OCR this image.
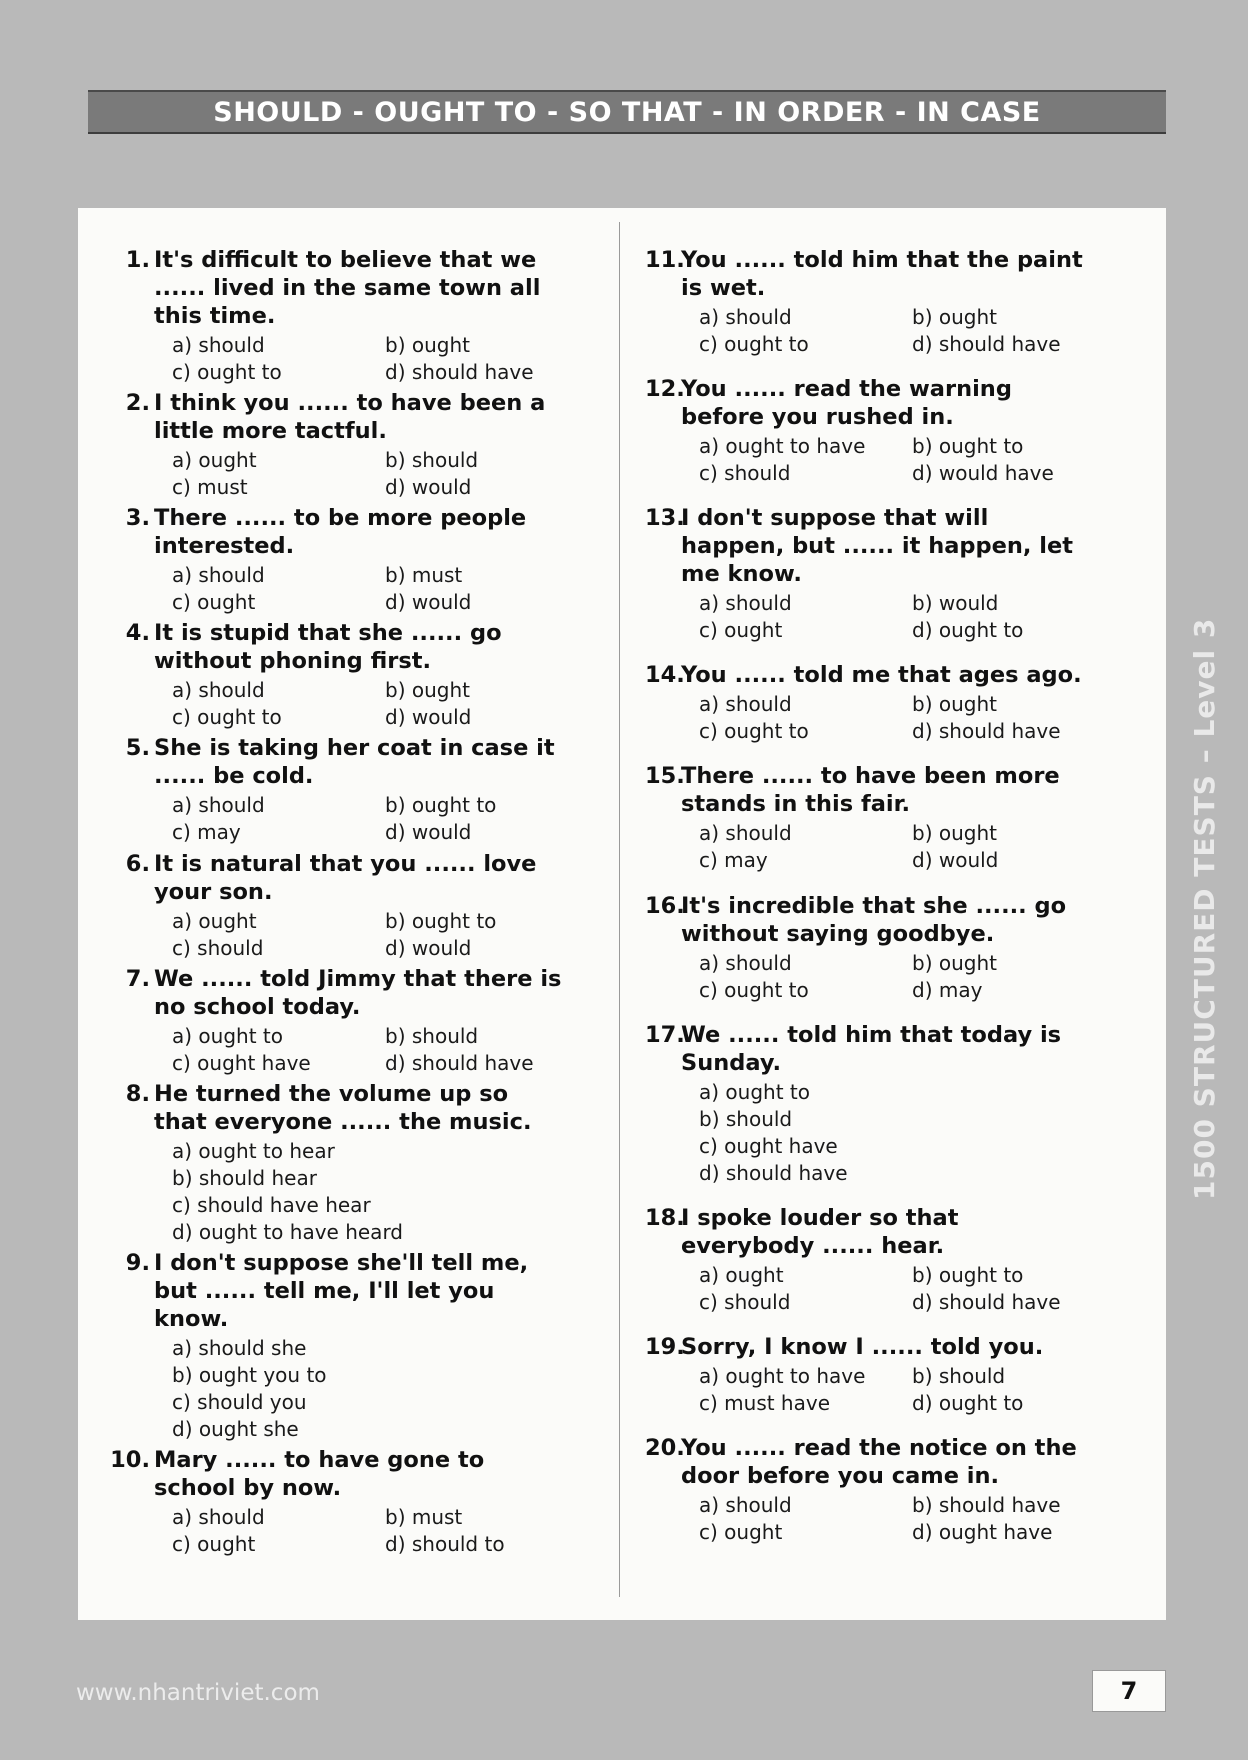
SHOULD - OUGHT TO - SO THAT - IN ORDER - IN CASE
1. It's difficult to believe that we ...... lived in the same town all this time.
a) should	b) ought
c) ought to	d) should have
2. I think you ...... to have been a little more tactful.
a) ought	b) should
c) must	d) would
3. There ...... to be more people interested.
a) should	b) must
c) ought	d) would
4. It is stupid that she ...... go without phoning first.
a) should	b) ought
c) ought to	d) would
5. She is taking her coat in case it ...... be cold.
a) should	b) ought to
c) may	d) would
6. It is natural that you ...... love your son.
a) ought	b) ought to
c) should	d) would
7. We ...... told Jimmy that there is no school today.
a) ought to	b) should
c) ought have	d) should have
8. He turned the volume up so that everyone ...... the music.
a) ought to hear
b) should hear
c) should have hear
d) ought to have heard
9. I don't suppose she'll tell me, but ...... tell me, I'll let you know.
a) should she
b) ought you to
c) should you
d) ought she
10. Mary ...... to have gone to school by now.
a) should	b) must
c) ought	d) should to
11.
You ...... told him that the paint is wet.
a) should	b) ought
c) ought to	d) should have
12.
You ...... read the warning before you rushed in.
a) ought to have	b) ought to
c) should	d) would have
13.
I don't suppose that will happen, but ...... it happen, let me know.
a) should	b) would
c) ought	d) ought to
14.
You ...... told me that ages ago.
a) should	b) ought
c) ought to	d) should have
15.
There ...... to have been more stands in this fair.
a) should	b) ought
c) may	d) would
16.
It's incredible that she ...... go without saying goodbye.
a) should	b) ought
c) ought to	d) may
17.
We ...... told him that today is Sunday.
a) ought to
b) should
c) ought have
d) should have
18.
I spoke louder so that everybody ...... hear.
a) ought	b) ought to
c) should	d) should have
19.
Sorry, I know I ...... told you.
a) ought to have	b) should
c) must have	d) ought to
20.
You ...... read the notice on the door before you came in.
a) should	b) should have
c) ought	d) ought have
1500 STRUCTURED TESTS – Level 3
www.nhantriviet.com	7
